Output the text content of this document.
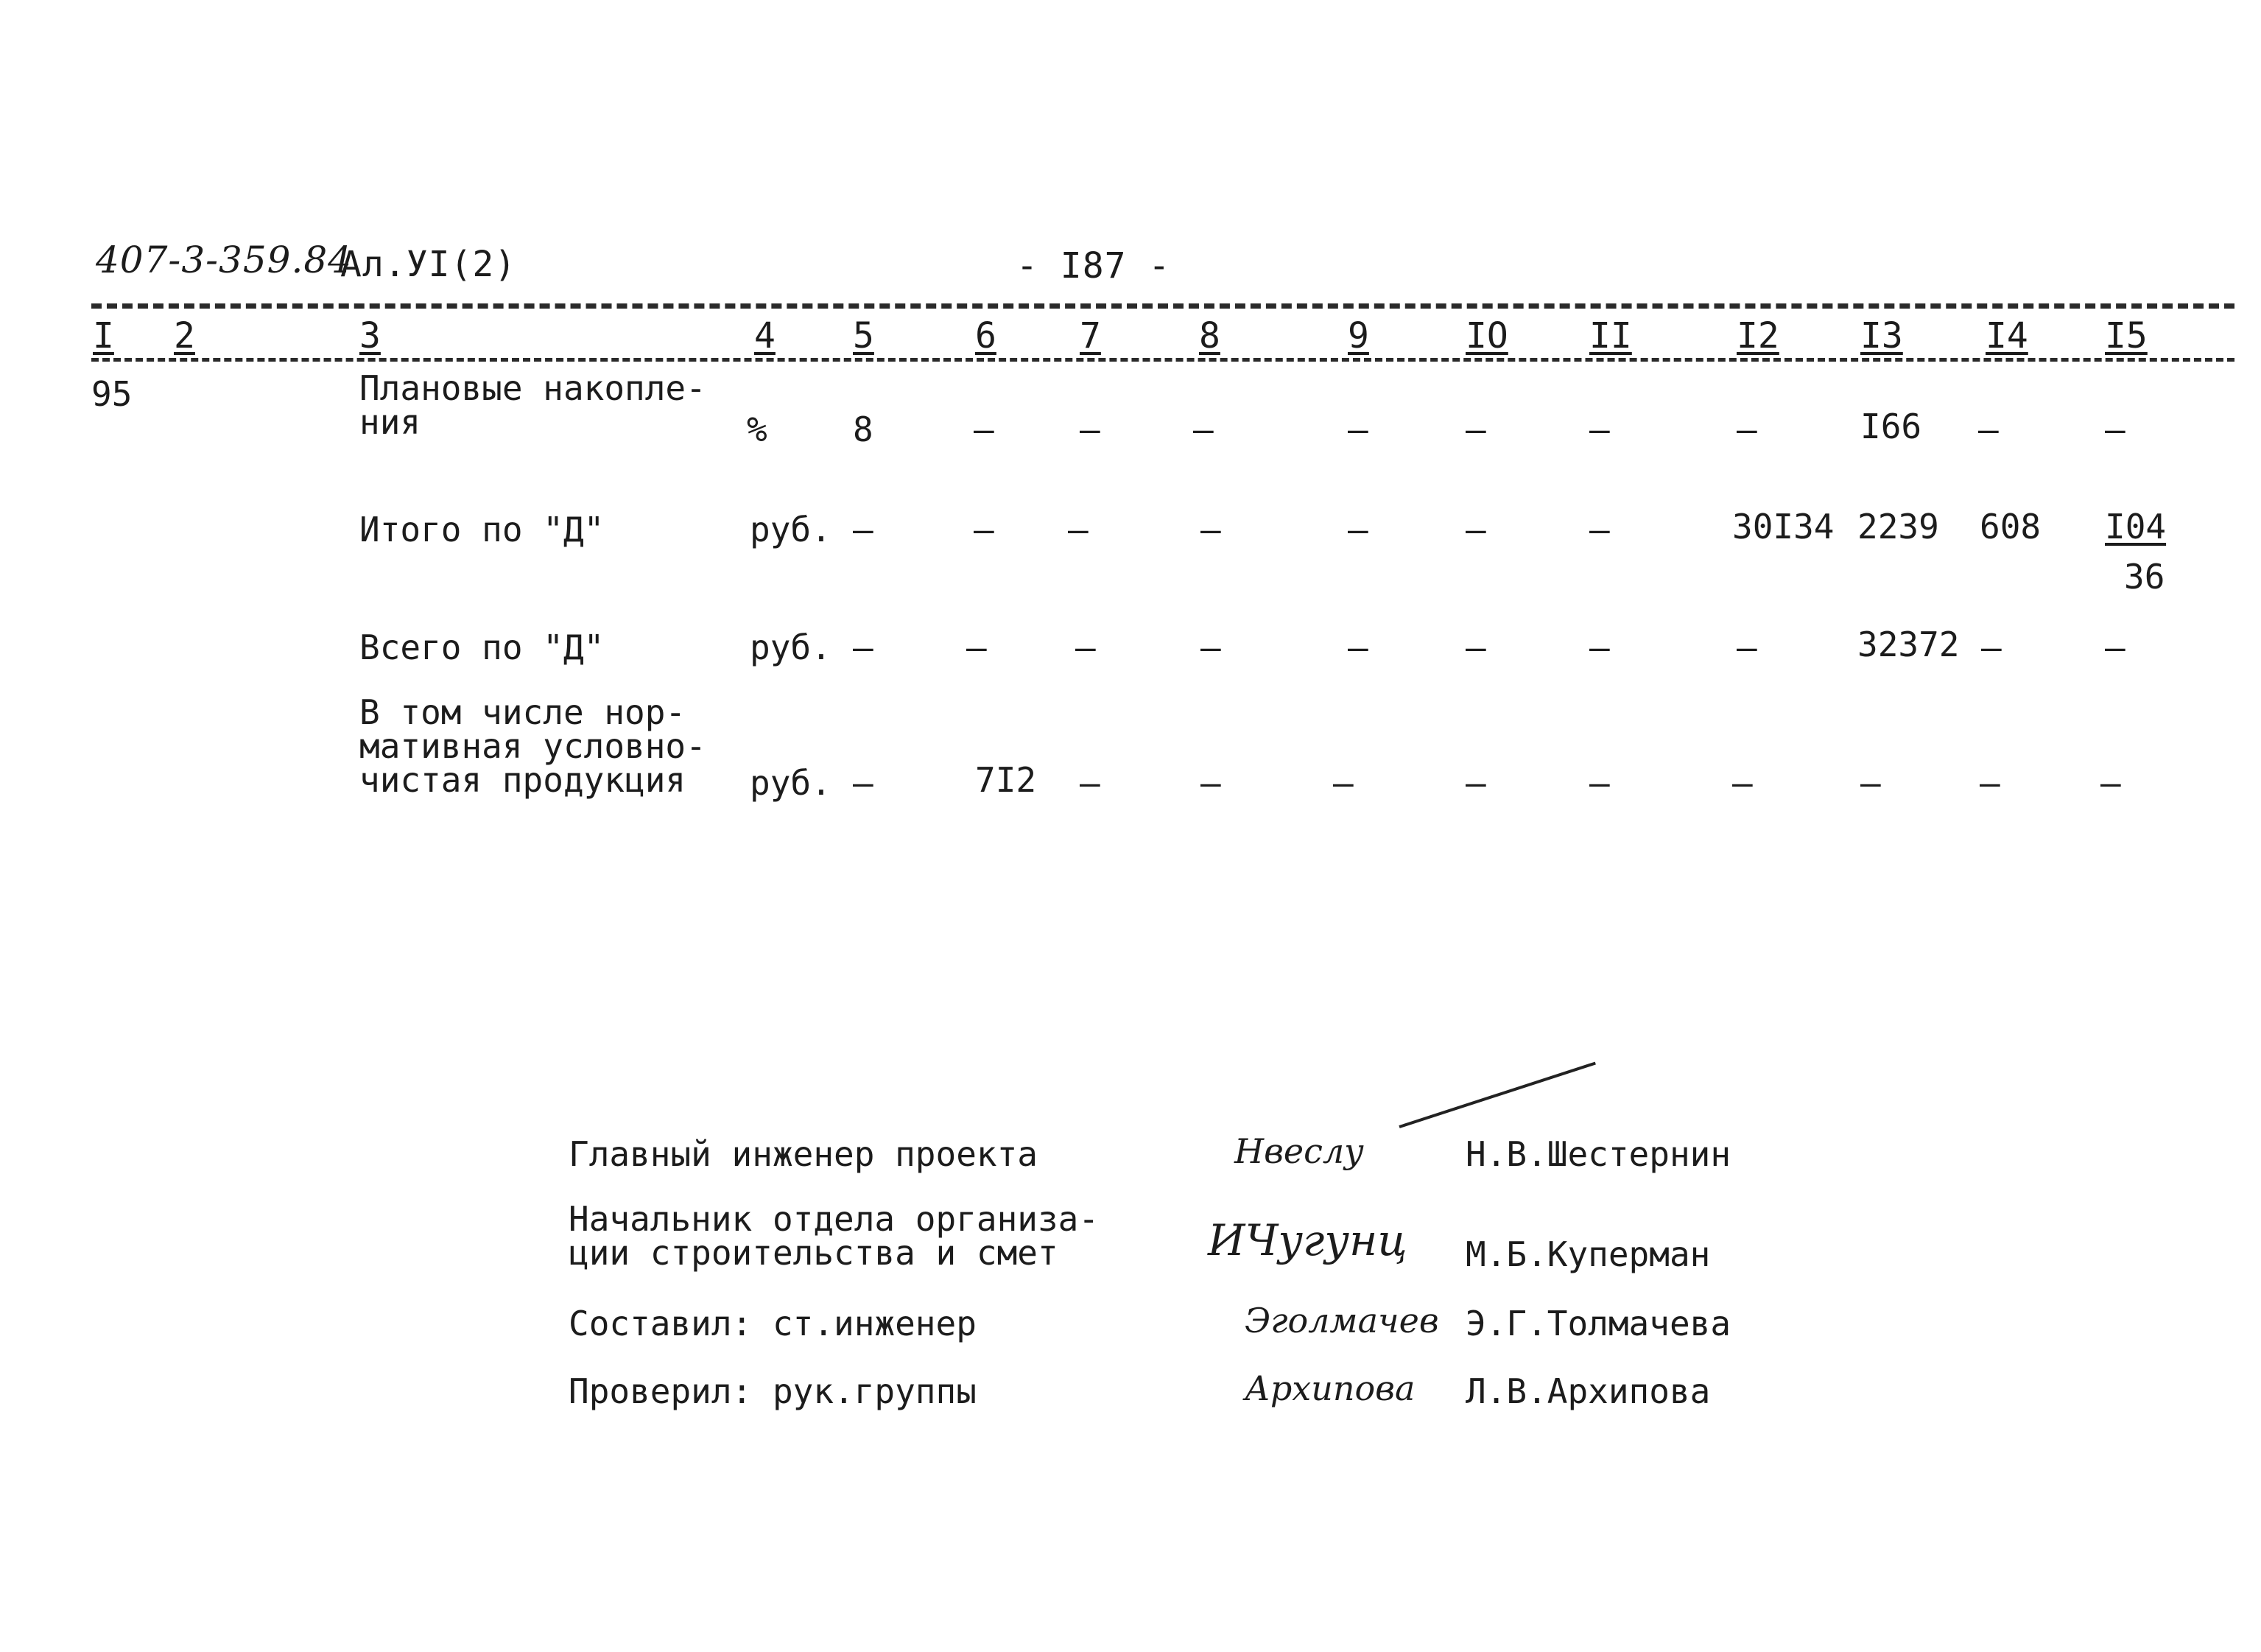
407-3-359.84
Ал.УI(2)	- I87 -
I 2	3	4 5	6 7	8	9	IO II	I2 I3 I4 I5
95	Плановые накопле-
ния	%	8	–	–	–	–	–	–	–	I66 –	–
Итого по "Д"	руб. –	– –	–	–	–	–	30I34 2239 608 I04
36
Всего по "Д"	руб. –	–	–	–	–	–	–	–	32372 –	–
В том числе нор-
мативная условно-
чистая продукция	руб. –	7I2 –	–	–	–	–	–	–	–	–
Главный инженер проекта	Нвеслу	Н.В.Шестернин
Начальник отдела организа-
ции строительства и смет	ИЧугунц М.Б.Куперман
Составил: ст.инженер	Эголмачев Э.Г.Толмачева
Проверил: рук.группы	Архипова Л.В.Архипова
